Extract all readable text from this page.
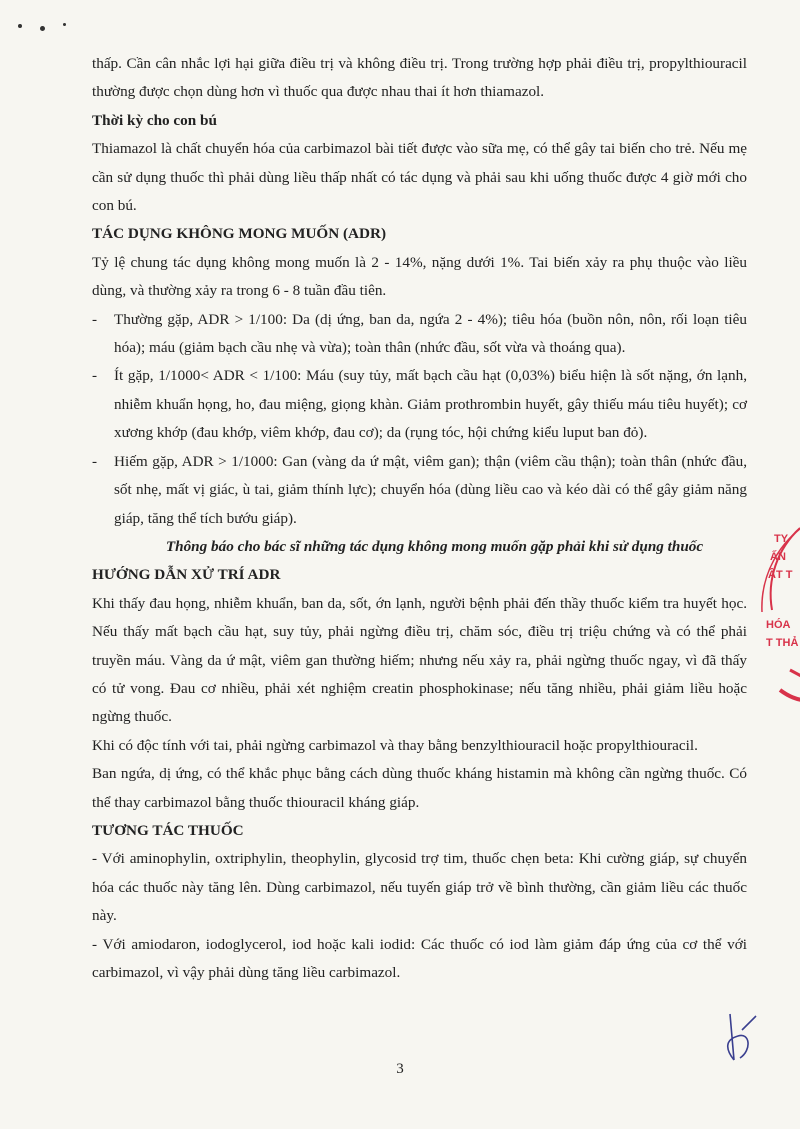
thấp. Cần cân nhắc lợi hại giữa điều trị và không điều trị. Trong trường hợp phải điều trị, propylthiouracil thường được chọn dùng hơn vì thuốc qua được nhau thai ít hơn thiamazol.

Thời kỳ cho con bú

Thiamazol là chất chuyển hóa của carbimazol bài tiết được vào sữa mẹ, có thể gây tai biến cho trẻ. Nếu mẹ cần sử dụng thuốc thì phải dùng liều thấp nhất có tác dụng và phải sau khi uống thuốc được 4 giờ mới cho con bú.

TÁC DỤNG KHÔNG MONG MUỐN (ADR)

Tỷ lệ chung tác dụng không mong muốn là 2 - 14%, nặng dưới 1%. Tai biến xảy ra phụ thuộc vào liều dùng, và thường xảy ra trong 6 - 8 tuần đầu tiên.

- Thường gặp, ADR > 1/100: Da (dị ứng, ban da, ngứa 2 - 4%); tiêu hóa (buồn nôn, nôn, rối loạn tiêu hóa); máu (giảm bạch cầu nhẹ và vừa); toàn thân (nhức đầu, sốt vừa và thoáng qua).

- Ít gặp, 1/1000< ADR < 1/100: Máu (suy tủy, mất bạch cầu hạt (0,03%) biểu hiện là sốt nặng, ớn lạnh, nhiễm khuẩn họng, ho, đau miệng, giọng khàn. Giảm prothrombin huyết, gây thiếu máu tiêu huyết); cơ xương khớp (đau khớp, viêm khớp, đau cơ); da (rụng tóc, hội chứng kiểu luput ban đỏ).

- Hiếm gặp, ADR > 1/1000: Gan (vàng da ứ mật, viêm gan); thận (viêm cầu thận); toàn thân (nhức đầu, sốt nhẹ, mất vị giác, ù tai, giảm thính lực); chuyển hóa (dùng liều cao và kéo dài có thể gây giảm năng giáp, tăng thể tích bướu giáp).

Thông báo cho bác sĩ những tác dụng không mong muốn gặp phải khi sử dụng thuốc

HƯỚNG DẪN XỬ TRÍ ADR

Khi thấy đau họng, nhiễm khuẩn, ban da, sốt, ớn lạnh, người bệnh phải đến thầy thuốc kiểm tra huyết học. Nếu thấy mất bạch cầu hạt, suy tủy, phải ngừng điều trị, chăm sóc, điều trị triệu chứng và có thể phải truyền máu. Vàng da ứ mật, viêm gan thường hiếm; nhưng nếu xảy ra, phải ngừng thuốc ngay, vì đã thấy có tử vong. Đau cơ nhiều, phải xét nghiệm creatin phosphokinase; nếu tăng nhiều, phải giảm liều hoặc ngừng thuốc.

Khi có độc tính với tai, phải ngừng carbimazol và thay bằng benzylthiouracil hoặc propylthiouracil.

Ban ngứa, dị ứng, có thể khắc phục bằng cách dùng thuốc kháng histamin mà không cần ngừng thuốc. Có thể thay carbimazol bằng thuốc thiouracil kháng giáp.

TƯƠNG TÁC THUỐC

- Với aminophylin, oxtriphylin, theophylin, glycosid trợ tim, thuốc chẹn beta: Khi cường giáp, sự chuyển hóa các thuốc này tăng lên. Dùng carbimazol, nếu tuyến giáp trở về bình thường, cần giảm liều các thuốc này.

- Với amiodaron, iodoglycerol, iod hoặc kali iodid: Các thuốc có iod làm giảm đáp ứng của cơ thể với carbimazol, vì vậy phải dùng tăng liều carbimazol.

TY
ẤN
ẬT T
HÓA
T THẢ
3
